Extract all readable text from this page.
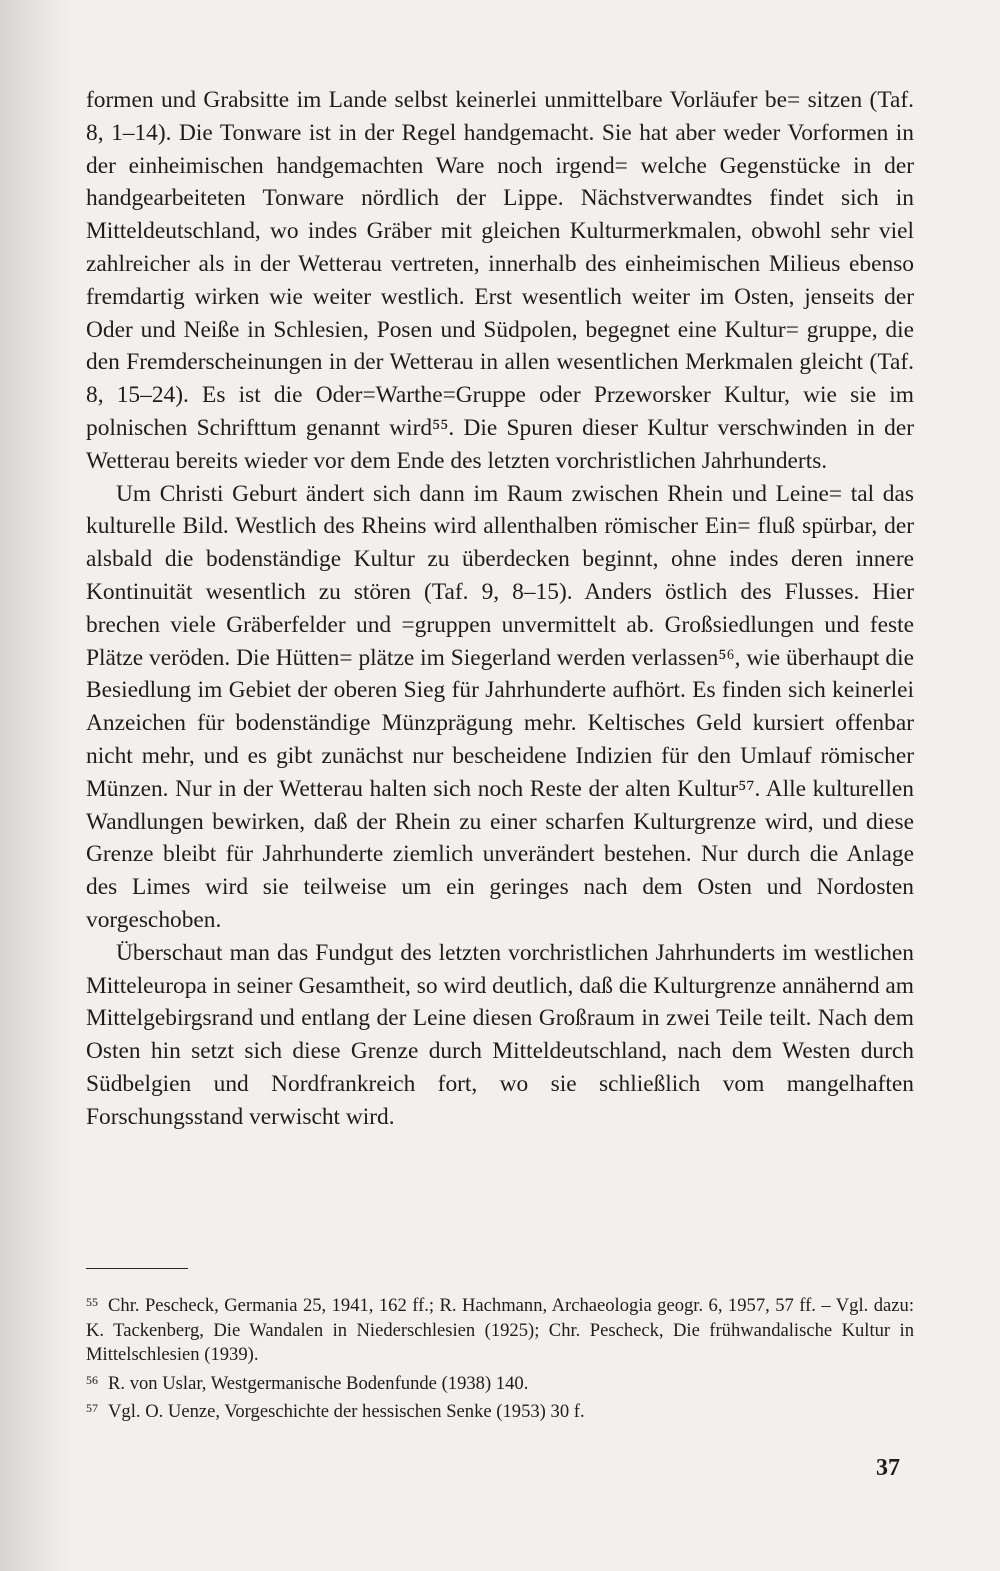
formen und Grabsitte im Lande selbst keinerlei unmittelbare Vorläufer be= sitzen (Taf. 8, 1–14). Die Tonware ist in der Regel handgemacht. Sie hat aber weder Vorformen in der einheimischen handgemachten Ware noch irgend= welche Gegenstücke in der handgearbeiteten Tonware nördlich der Lippe. Nächstverwandtes findet sich in Mitteldeutschland, wo indes Gräber mit gleichen Kulturmerkmalen, obwohl sehr viel zahlreicher als in der Wetterau vertreten, innerhalb des einheimischen Milieus ebenso fremdartig wirken wie weiter westlich. Erst wesentlich weiter im Osten, jenseits der Oder und Neiße in Schlesien, Posen und Südpolen, begegnet eine Kultur= gruppe, die den Fremderscheinungen in der Wetterau in allen wesentlichen Merkmalen gleicht (Taf. 8, 15–24). Es ist die Oder=Warthe=Gruppe oder Przeworsker Kultur, wie sie im polnischen Schrifttum genannt wird⁵⁵. Die Spuren dieser Kultur verschwinden in der Wetterau bereits wieder vor dem Ende des letzten vorchristlichen Jahrhunderts.

Um Christi Geburt ändert sich dann im Raum zwischen Rhein und Leine= tal das kulturelle Bild. Westlich des Rheins wird allenthalben römischer Ein= fluß spürbar, der alsbald die bodenständige Kultur zu überdecken beginnt, ohne indes deren innere Kontinuität wesentlich zu stören (Taf. 9, 8–15). Anders östlich des Flusses. Hier brechen viele Gräberfelder und =gruppen unvermittelt ab. Großsiedlungen und feste Plätze veröden. Die Hütten= plätze im Siegerland werden verlassen⁵⁶, wie überhaupt die Besiedlung im Gebiet der oberen Sieg für Jahrhunderte aufhört. Es finden sich keinerlei Anzeichen für bodenständige Münzprägung mehr. Keltisches Geld kursiert offenbar nicht mehr, und es gibt zunächst nur bescheidene Indizien für den Umlauf römischer Münzen. Nur in der Wetterau halten sich noch Reste der alten Kultur⁵⁷. Alle kulturellen Wandlungen bewirken, daß der Rhein zu einer scharfen Kulturgrenze wird, und diese Grenze bleibt für Jahrhunderte ziemlich unverändert bestehen. Nur durch die Anlage des Limes wird sie teilweise um ein geringes nach dem Osten und Nordosten vorgeschoben.

Überschaut man das Fundgut des letzten vorchristlichen Jahrhunderts im westlichen Mitteleuropa in seiner Gesamtheit, so wird deutlich, daß die Kulturgrenze annähernd am Mittelgebirgsrand und entlang der Leine diesen Großraum in zwei Teile teilt. Nach dem Osten hin setzt sich diese Grenze durch Mitteldeutschland, nach dem Westen durch Südbelgien und Nordfrankreich fort, wo sie schließlich vom mangelhaften Forschungsstand verwischt wird.

$^{55}$ Chr. Pescheck, Germania 25, 1941, 162 ff.; R. Hachmann, Archaeologia geogr. 6, 1957, 57 ff. – Vgl. dazu: K. Tackenberg, Die Wandalen in Niederschlesien (1925); Chr. Pescheck, Die frühwandalische Kultur in Mittelschlesien (1939).

$^{56}$ R. von Uslar, Westgermanische Bodenfunde (1938) 140.

$^{57}$ Vgl. O. Uenze, Vorgeschichte der hessischen Senke (1953) 30 f.

37
